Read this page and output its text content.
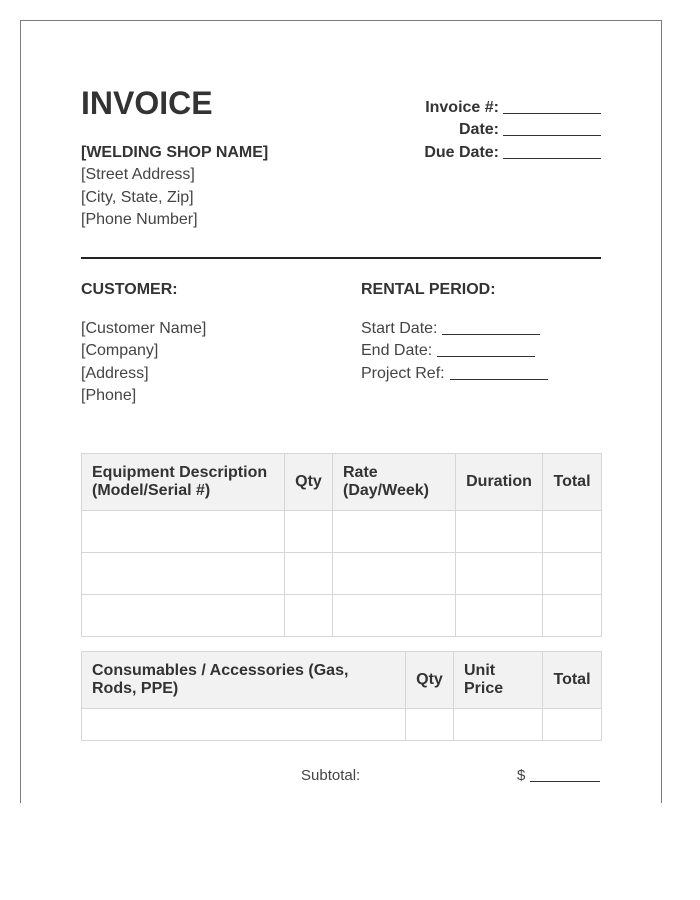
INVOICE
[WELDING SHOP NAME]
[Street Address]
[City, State, Zip]
[Phone Number]
Invoice #:
Date:
Due Date:
CUSTOMER:
[Customer Name]
[Company]
[Address]
[Phone]
RENTAL PERIOD:
Start Date:
End Date:
Project Ref:
Equipment Description (Model/Serial #)	Qty	Rate (Day/Week)	Duration	Total

Consumables / Accessories (Gas, Rods, PPE)	Qty	Unit Price	Total

Subtotal:	$
